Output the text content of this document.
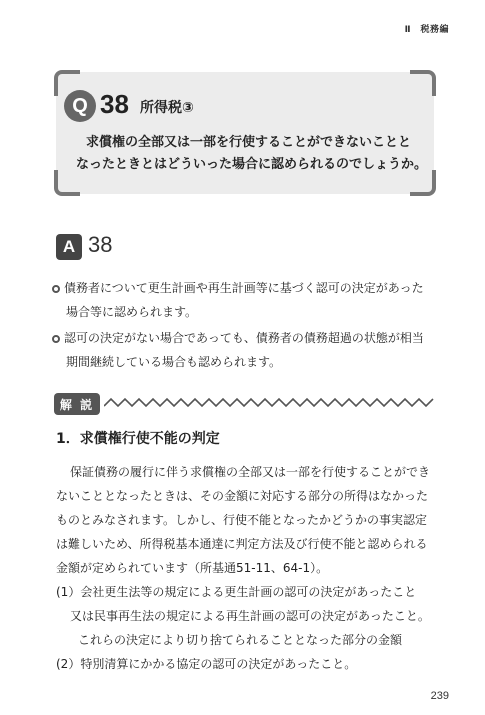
Ⅱ　税務編
Q 38 所得税③
求償権の全部又は一部を行使することができないことと
なったときとはどういった場合に認められるのでしょうか。
A 38
債務者について更生計画や再生計画等に基づく認可の決定があった
場合等に認められます。
認可の決定がない場合であっても、債務者の債務超過の状態が相当
期間継続している場合も認められます。
解 説
1．求償権行使不能の判定
保証債務の履行に伴う求償権の全部又は一部を行使することができ
ないこととなったときは、その金額に対応する部分の所得はなかった
ものとみなされます。しかし、行使不能となったかどうかの事実認定
は難しいため、所得税基本通達に判定方法及び行使不能と認められる
金額が定められています（所基通51-11、64-1）。
(1）会社更生法等の規定による更生計画の認可の決定があったこと
又は民事再生法の規定による再生計画の認可の決定があったこと。
これらの決定により切り捨てられることとなった部分の金額
(2）特別清算にかかる協定の認可の決定があったこと。
239
